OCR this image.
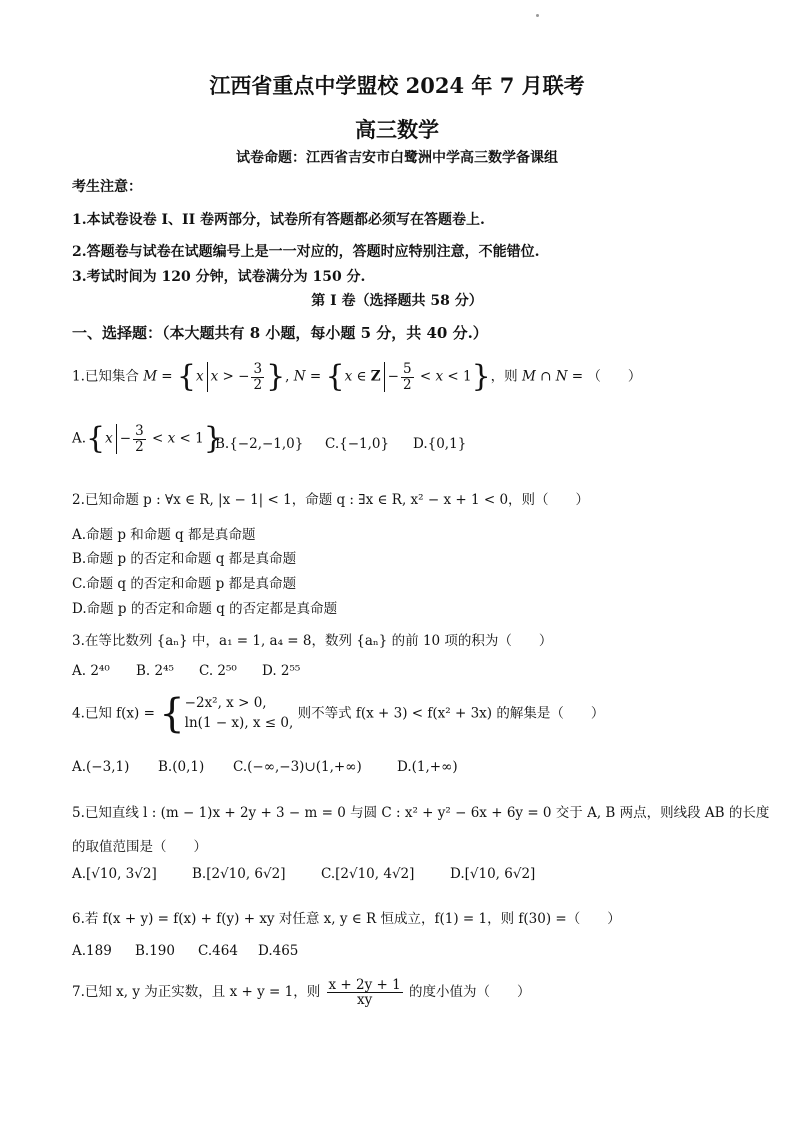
江西省重点中学盟校 2024 年 7 月联考
高三数学
试卷命题：江西省吉安市白鹭洲中学高三数学备课组
考生注意：
1.本试卷设卷 I、II 卷两部分，试卷所有答题都必须写在答题卷上.
2.答题卷与试卷在试题编号上是一一对应的，答题时应特别注意，不能错位.
3.考试时间为 120 分钟，试卷满分为 150 分.
第 I 卷（选择题共 58 分）
一、选择题：（本大题共有 8 小题，每小题 5 分，共 40 分.）
1.已知集合 M = {x x > − $\frac{3}{2}$ }, N = {x ∈ $Z - \frac{5}{2} < x < 1$}，则 M ∩ N = （　　）
$A.\{x - \frac{3}{2} < x < 1\}$
B.{−2,−1,0} C.{−1,0} D.{0,1}
2.已知命题 p : ∀x ∈ R, |x − 1| < 1，命题 q : ∃x ∈ R, x² − x + 1 < 0，则（　　）
A.命题 p 和命题 q 都是真命题
B.命题 p 的否定和命题 q 都是真命题
C.命题 q 的否定和命题 p 都是真命题
D.命题 p 的否定和命题 q 的否定都是真命题
3.在等比数列 {aₙ} 中，a₁ = 1, a₄ = 8，数列 {aₙ} 的前 10 项的积为（　　）
A. 2⁴⁰ B. 2⁴⁵ C. 2⁵⁰ D. 2⁵⁵
4.已知 f(x) = { −2x², x > 0,
ln(1 − x), x ≤ 0,
则不等式 f(x + 3) < f(x² + 3x) 的解集是（　　）
A.(−3,1) B.(0,1) C.(−∞,−3)∪(1,+∞)	D.(1,+∞)
5.已知直线 l : (m − 1)x + 2y + 3 − m = 0 与圆 C : x² + y² − 6x + 6y = 0 交于 A, B 两点，则线段 AB 的长度
的取值范围是（　　）
A.[√10, 3√2]	B.[2√10, 6√2]	C.[2√10, 4√2]	D.[√10, 6√2]
6.若 f(x + y) = f(x) + f(y) + xy 对任意 x, y ∈ R 恒成立，f(1) = 1，则 f(30) =（　　）
A.189 B.190 C.464 D.465
7.已知 x, y 为正实数，且 x + y = 1，则 $\frac{x + 2y + 1}{xy}$ 的度小值为（　　）
